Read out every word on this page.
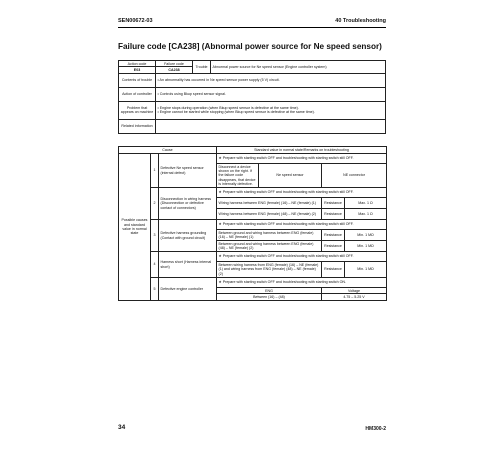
SEN00672-03	40 Troubleshooting
Failure code [CA238] (Abnormal power source for Ne speed sensor)
Action code	Failure code	Trouble	Abnormal power source for Ne speed sensor (Engine controller system)
E03	CA238		
Contents of trouble	• An abnormality has occurred in Ne speed sensor power supply (5 V) circuit.		
Action of controller	• Controls using Bkup speed sensor signal.		
Problem that appears on machine	• Engine stops during operation (when Bkup speed sensor is defective at the same time).
• Engine cannot be started while stopping (when Bkup speed sensor is defective at the same time).		

Related information			
Cause			Standard value in normal state/Remarks on troubleshooting			
Possible causes and standard value in normal state	1	Defective Ne speed sensor (internal defect)	★ Prepare with starting switch OFF and troubleshooting with starting switch still OFF.			
			Disconnect a device shown on the right. If the failure code disappears, that device is internally defective.	Ne speed sensor	NE connector	
	2	Disconnection in wiring harness (Disconnection or defective contact of connectors)	★ Prepare with starting switch OFF and troubleshooting with starting switch still OFF.			
			Wiring harness between ENG (female) (16) – NE (female) (1)		Resistance	Max. 1 Ω
			Wiring harness between ENG (female) (48) – NE (female) (2)		Resistance	Max. 1 Ω
	3	Defective harness grounding (Contact with ground circuit)	★ Prepare with starting switch OFF and troubleshooting with starting switch still OFF.			
			Between ground and wiring harness between ENG (female) (16) – NE (female) (1)		Resistance	Min. 1 MΩ
			Between ground and wiring harness between ENG (female) (48) – NE (female) (2)		Resistance	Min. 1 MΩ
	4	Harness short (Harness internal short)	★ Prepare with starting switch OFF and troubleshooting with starting switch still OFF.			
			Between wiring harness from ENG (female) (16) – NE (female) (1) and wiring harness from ENG (female) (48) – NE (female) (2)		Resistance	Min. 1 MΩ
	5	Defective engine controller	★ Prepare with starting switch OFF and troubleshooting with starting switch ON.			
			ENG		Voltage	
			Between (16) – (48)		4.75 – 5.25 V	
34	HM300-2
